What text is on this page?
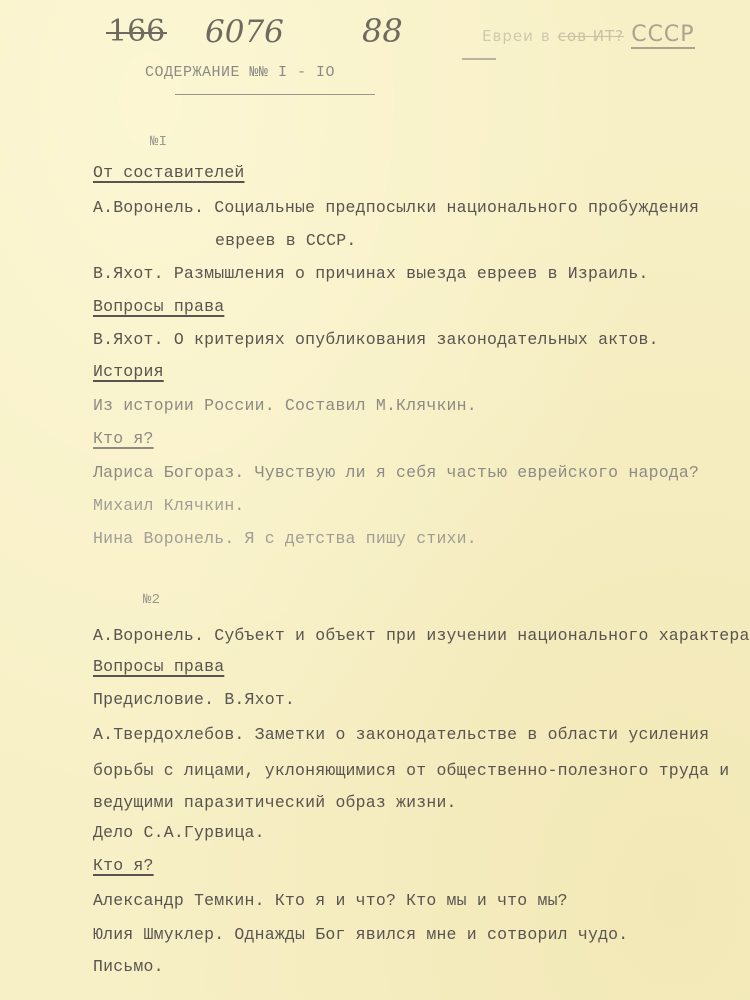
166 6076 88	Евреи в сов ИТ? СССР
СОДЕРЖАНИЕ №№ I - IO
№I
От составителей
А.Воронель. Социальные предпосылки национального пробуждения
евреев в СССР.
В.Яхот. Размышления о причинах выезда евреев в Израиль.
Вопросы права
В.Яхот. О критериях опубликования законодательных актов.
История
Из истории России. Составил М.Клячкин.
Кто я?
Лариса Богораз. Чувствую ли я себя частью еврейского народа?
Михаил Клячкин.
Нина Воронель. Я с детства пишу стихи.
№2
А.Воронель. Субъект и объект при изучении национального характера
Вопросы права
Предисловие. В.Яхот.
А.Твердохлебов. Заметки о законодательстве в области усиления
борьбы с лицами, уклоняющимися от общественно-полезного труда и
ведущими паразитический образ жизни.
Дело С.А.Гурвица.
Кто я?
Александр Темкин. Кто я и что? Кто мы и что мы?
Юлия Шмуклер. Однажды Бог явился мне и сотворил чудо.
Письмо.
